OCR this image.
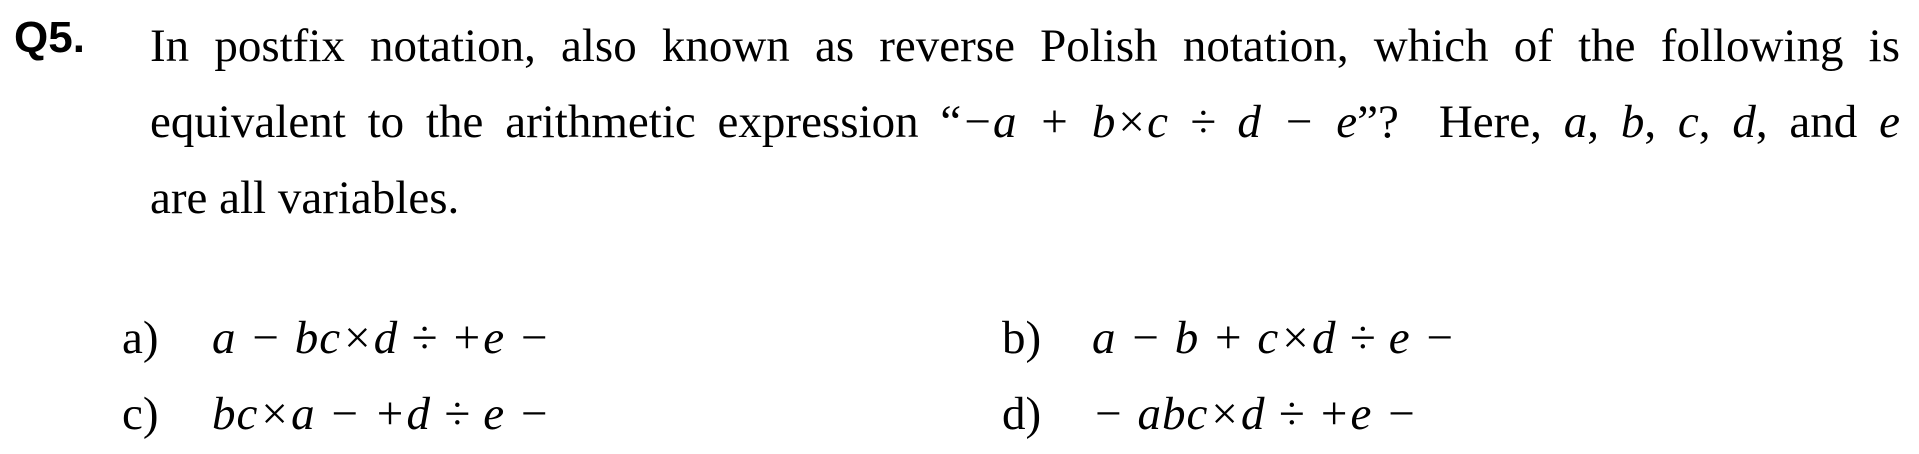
Q5. In postfix notation, also known as reverse Polish notation, which of the following is
equivalent to the arithmetic expression “−a + b×c ÷ d − e”? Here, a, b, c, d, and e
are all variables.
a) a − bc×d ÷ +e −	b) a − b + c×d ÷ e −
c) bc×a − +d ÷ e −	d) − abc×d ÷ +e −
